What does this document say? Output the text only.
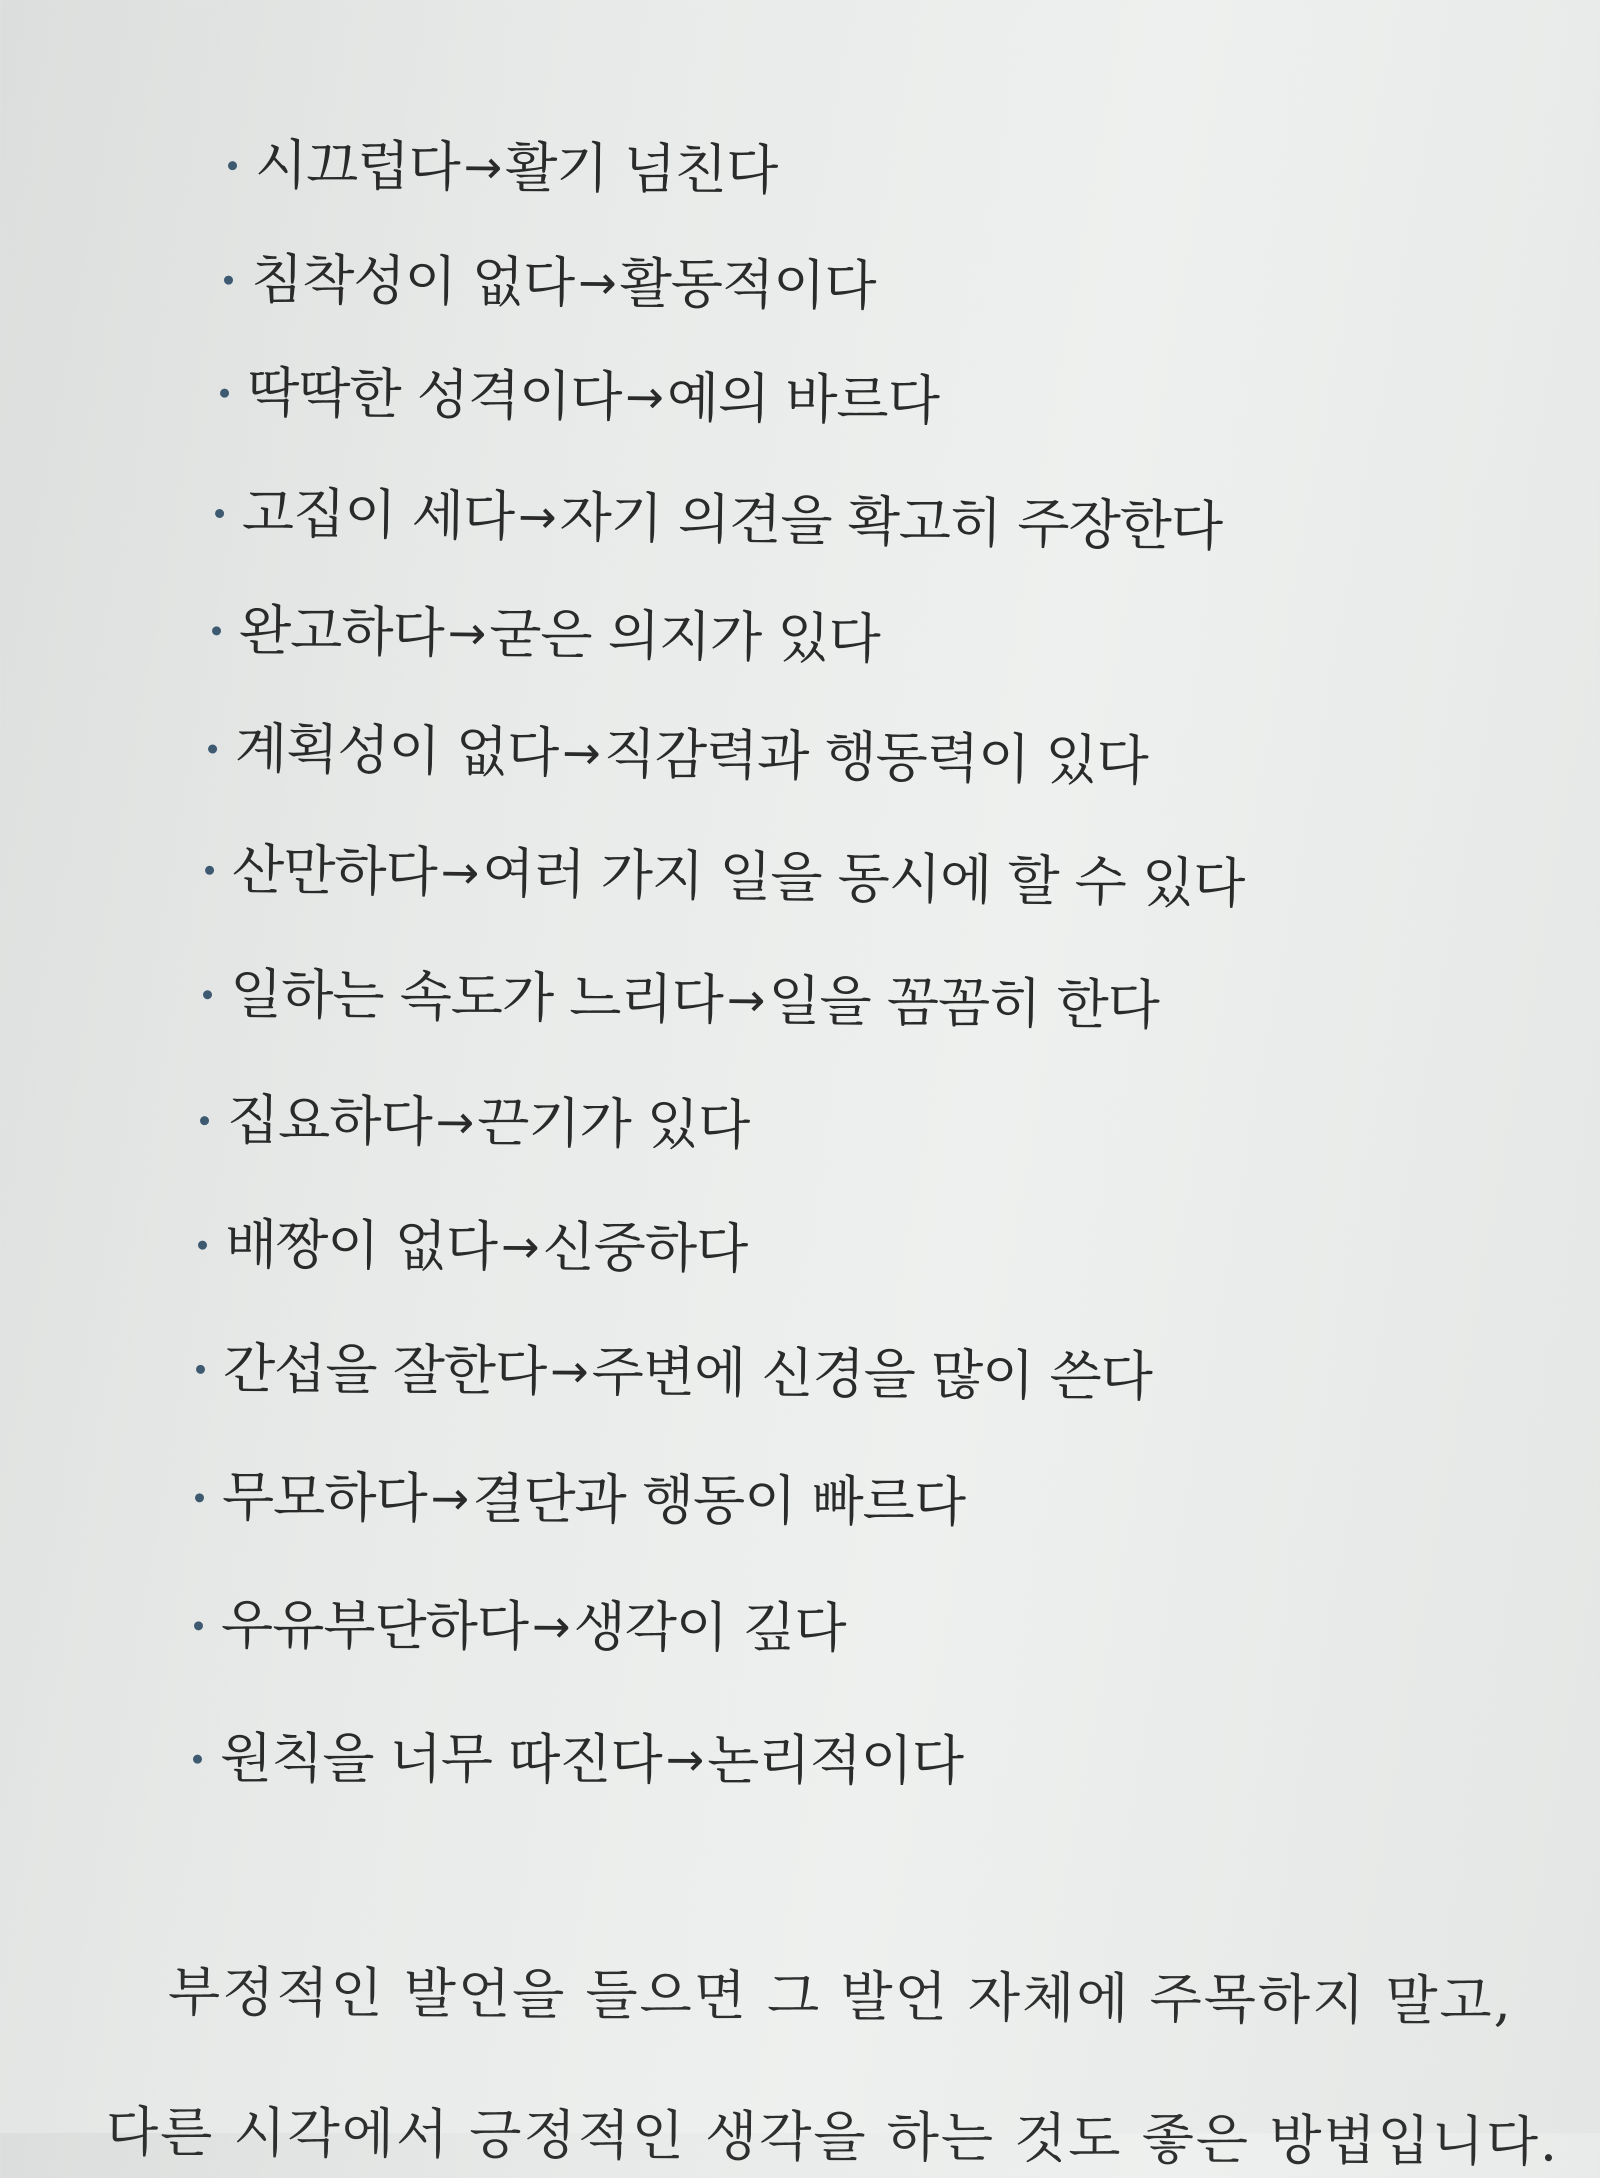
시끄럽다→활기 넘친다
침착성이 없다→활동적이다
딱딱한 성격이다→예의 바르다
고집이 세다→자기 의견을 확고히 주장한다
완고하다→굳은 의지가 있다
계획성이 없다→직감력과 행동력이 있다
산만하다→여러 가지 일을 동시에 할 수 있다
일하는 속도가 느리다→일을 꼼꼼히 한다
집요하다→끈기가 있다
배짱이 없다→신중하다
간섭을 잘한다→주변에 신경을 많이 쓴다
무모하다→결단과 행동이 빠르다
우유부단하다→생각이 깊다
원칙을 너무 따진다→논리적이다

부정적인 발언을 들으면 그 발언 자체에 주목하지 말고,

다른 시각에서 긍정적인 생각을 하는 것도 좋은 방법입니다.
